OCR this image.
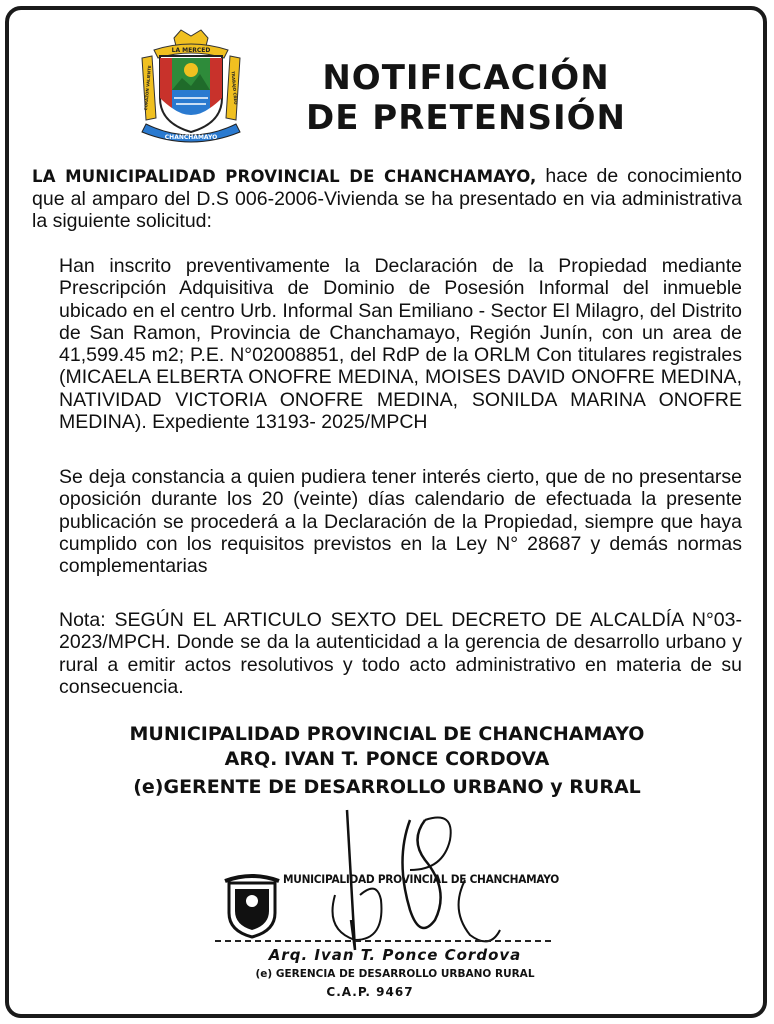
LA MERCED
CHANCHAMAYO
CORAZON VALIENTE	TRABAJO CREO	NOTIFICACIÓN
DE PRETENSIÓN
LA MUNICIPALIDAD PROVINCIAL DE CHANCHAMAYO, hace de conocimiento que al amparo del D.S 006-2006-Vivienda se ha presentado en via administrativa la siguiente solicitud:
Han inscrito preventivamente la Declaración de la Propiedad mediante Prescripción Adquisitiva de Dominio de Posesión Informal del inmueble ubicado en el centro Urb. Informal San Emiliano - Sector El Milagro, del Distrito de San Ramon, Provincia de Chanchamayo, Región Junín, con un area de 41,599.45 m2; P.E. N°02008851, del RdP de la ORLM Con titulares registrales (MICAELA ELBERTA ONOFRE MEDINA, MOISES DAVID ONOFRE MEDINA, NATIVIDAD VICTORIA ONOFRE MEDINA, SONILDA MARINA ONOFRE MEDINA). Expediente 13193- 2025/MPCH
Se deja constancia a quien pudiera tener interés cierto, que de no presentarse oposición durante los 20 (veinte) días calendario de efectuada la presente publicación se procederá a la Declaración de la Propiedad, siempre que haya cumplido con los requisitos previstos en la Ley N° 28687 y demás normas complementarias
Nota: SEGÚN EL ARTICULO SEXTO DEL DECRETO DE ALCALDÍA N°03-2023/MPCH. Donde se da la autenticidad a la gerencia de desarrollo urbano y rural a emitir actos resolutivos y todo acto administrativo en materia de su consecuencia.
MUNICIPALIDAD PROVINCIAL DE CHANCHAMAYO
ARQ. IVAN T. PONCE CORDOVA
(e)GERENTE DE DESARROLLO URBANO y RURAL
MUNICIPALIDAD PROVINCIAL DE CHANCHAMAYO
Arq. Ivan T. Ponce Cordova
(e) GERENCIA DE DESARROLLO URBANO RURAL
C.A.P. 9467
